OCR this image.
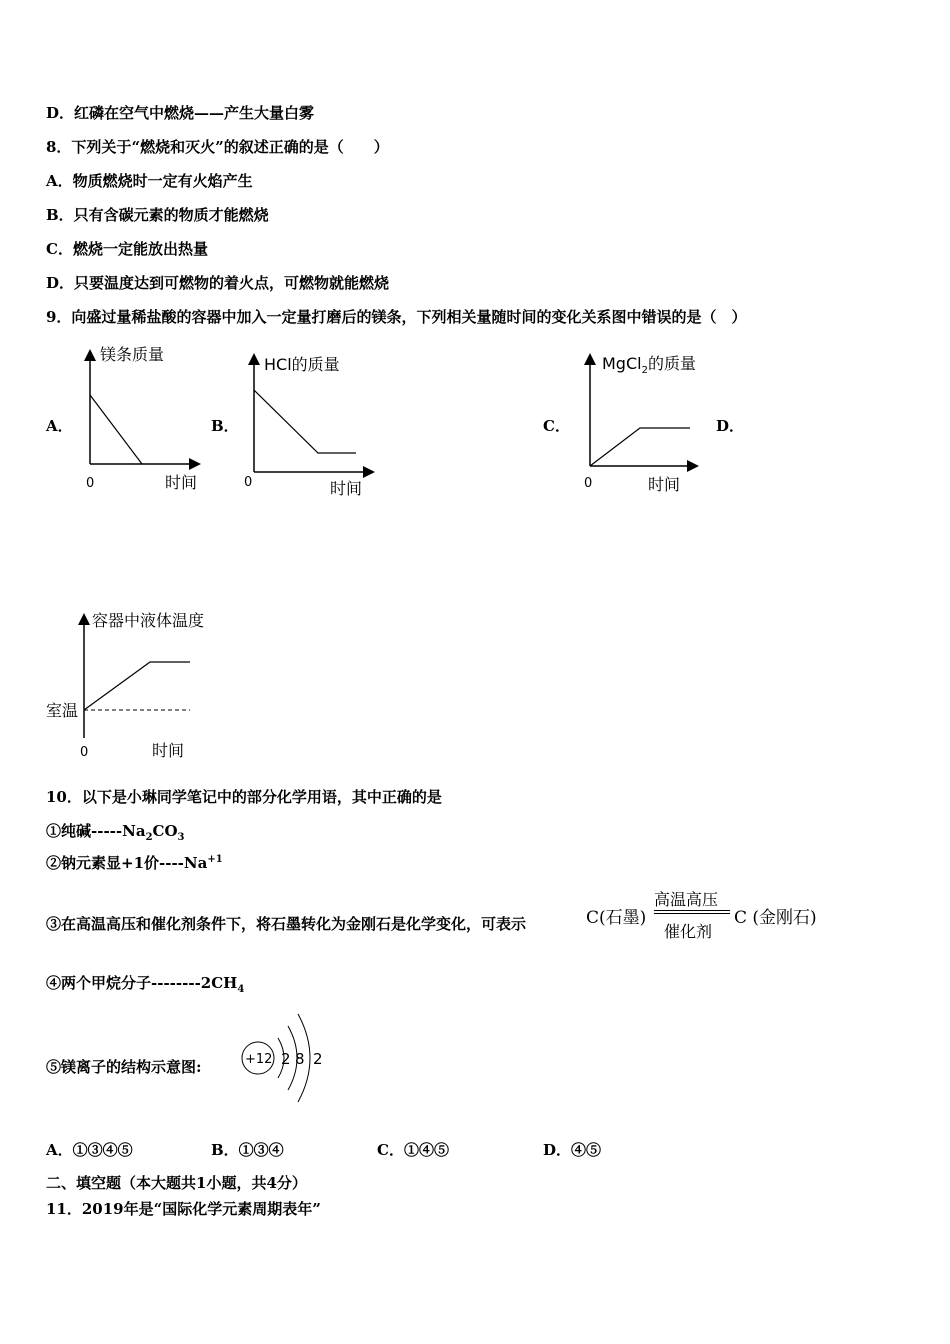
D．红磷在空气中燃烧——产生大量白雾
8．下列关于“燃烧和灭火”的叙述正确的是（　　）
A．物质燃烧时一定有火焰产生
B．只有含碳元素的物质才能燃烧
C．燃烧一定能放出热量
D．只要温度达到可燃物的着火点，可燃物就能燃烧
9．向盛过量稀盐酸的容器中加入一定量打磨后的镁条，下列相关量随时间的变化关系图中错误的是（　）
A．	B．	C．	D．
镁条质量
0	时间
HCl的质量
0	时间
MgCl$_2$的质量
0	时间
容器中液体温度
室温
0	时间
10．以下是小琳同学笔记中的部分化学用语，其中正确的是
①纯碱$-----Na_2CO_3$
②钠元素显+1价$----Na^{+1}$
③在高温高压和催化剂条件下，将石墨转化为金刚石是化学变化，可表示	C(石墨)
高温高压
催化剂
C (金刚石)
④两个甲烷分子$--------2CH_4$
⑤镁离子的结构示意图:	+12 2 8 2
A．①③④⑤	B．①③④	C．①④⑤	D．④⑤
二、填空题（本大题共1小题，共4分）
11．2019年是“国际化学元素周期表年”
